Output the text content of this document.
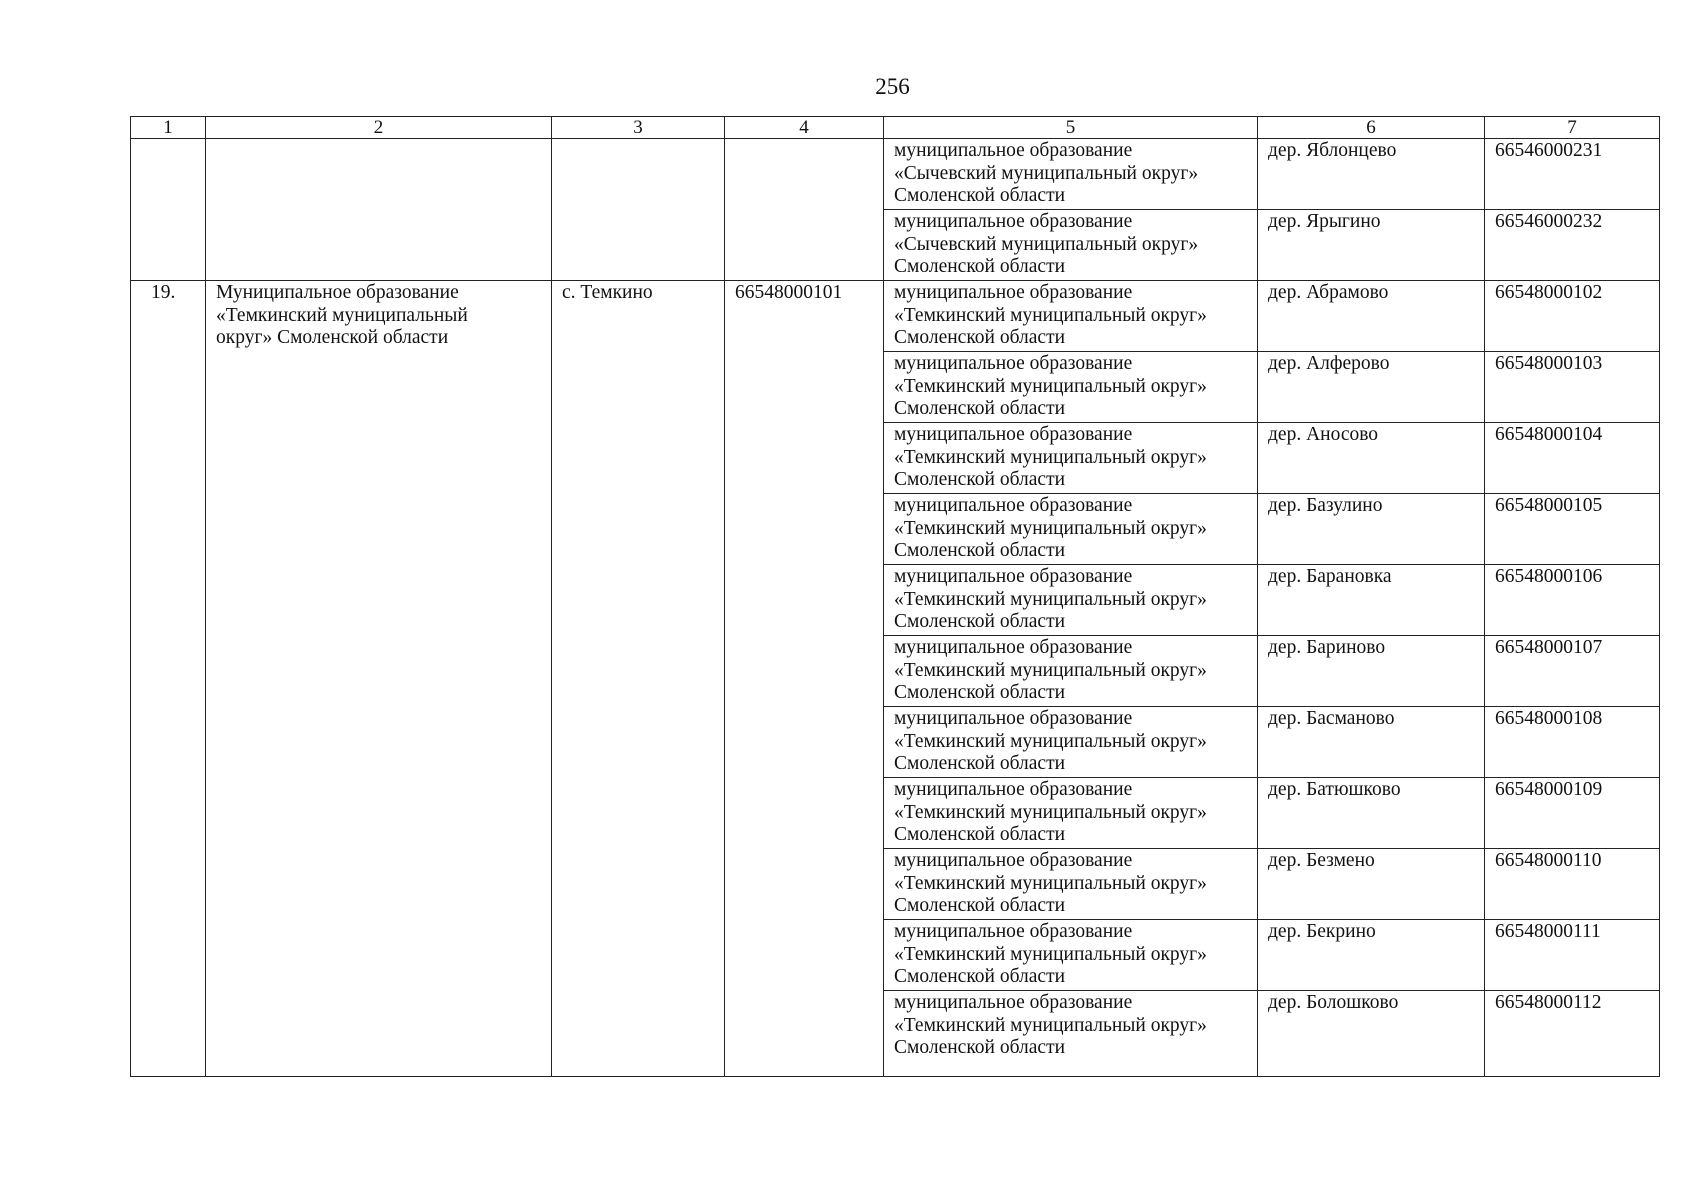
256
1	2	3	4	5	6	7

				муниципальное образование
«Сычевский муниципальный округ»
Смоленской области	дер. Яблонцево	66546000231

				муниципальное образование
«Сычевский муниципальный округ»
Смоленской области	дер. Ярыгино	66546000232

19.	Муниципальное образование
«Темкинский муниципальный
округ» Смоленской области	с. Темкино	66548000101	муниципальное образование
«Темкинский муниципальный округ»
Смоленской области	дер. Абрамово	66548000102

				муниципальное образование
«Темкинский муниципальный округ»
Смоленской области	дер. Алферово	66548000103

				муниципальное образование
«Темкинский муниципальный округ»
Смоленской области	дер. Аносово	66548000104

				муниципальное образование
«Темкинский муниципальный округ»
Смоленской области	дер. Базулино	66548000105

				муниципальное образование
«Темкинский муниципальный округ»
Смоленской области	дер. Барановка	66548000106

				муниципальное образование
«Темкинский муниципальный округ»
Смоленской области	дер. Бариново	66548000107

				муниципальное образование
«Темкинский муниципальный округ»
Смоленской области	дер. Басманово	66548000108

				муниципальное образование
«Темкинский муниципальный округ»
Смоленской области	дер. Батюшково	66548000109

				муниципальное образование
«Темкинский муниципальный округ»
Смоленской области	дер. Безмено	66548000110

				муниципальное образование
«Темкинский муниципальный округ»
Смоленской области	дер. Бекрино	66548000111

				муниципальное образование
«Темкинский муниципальный округ»
Смоленской области	дер. Болошково	66548000112
